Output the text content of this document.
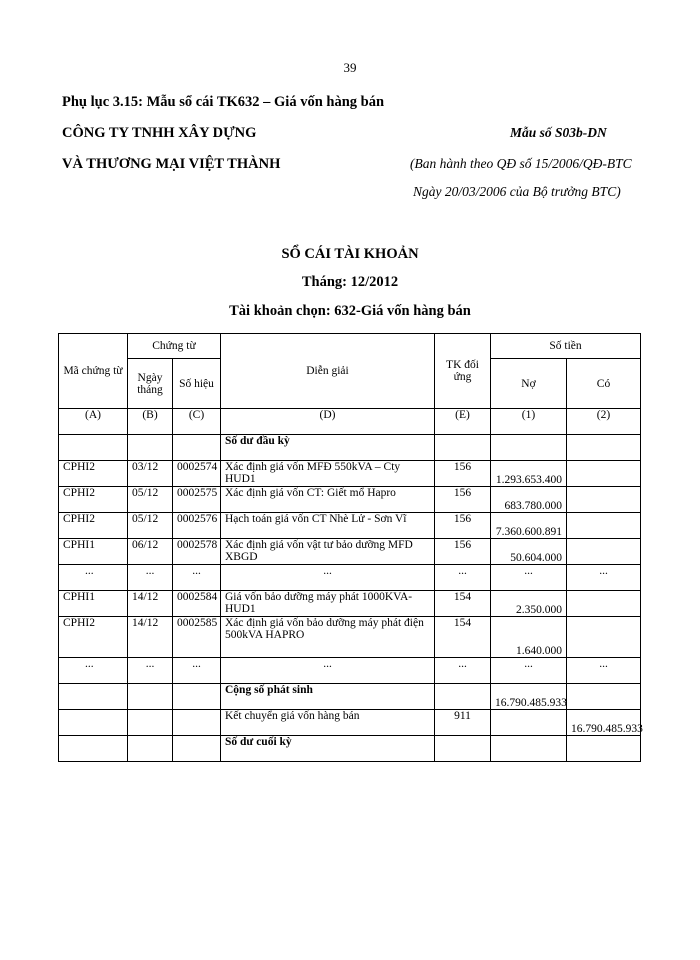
39
Phụ lục 3.15: Mẫu sổ cái TK632 – Giá vốn hàng bán
CÔNG TY TNHH XÂY DỰNG
VÀ THƯƠNG MẠI VIỆT THÀNH
Mẫu số S03b-DN
(Ban hành theo QĐ số 15/2006/QĐ-BTC
Ngày 20/03/2006 của Bộ trưởng BTC)
SỔ CÁI TÀI KHOẢN
Tháng: 12/2012
Tài khoản chọn: 632-Giá vốn hàng bán
Mã chứng từ	Chứng từ		Diễn giải	TK đối ứng	Số tiền	
	Ngày tháng	Số hiệu			Nợ	Có
(A)	(B)	(C)	(D)	(E)	(1)	(2)
			Số dư đầu kỳ			
CPHI2	03/12	0002574	Xác định giá vốn MFĐ 550kVA – Cty HUD1	156	1.293.653.400	
CPHI2	05/12	0002575	Xác định giá vốn CT: Giết mổ Hapro	156	683.780.000	
CPHI2	05/12	0002576	Hạch toán giá vốn CT Nhè Lử - Sơn Vĩ	156	7.360.600.891	
CPHI1	06/12	0002578	Xác định giá vốn vật tư bảo dưỡng MFD XBGD	156	50.604.000	
...	...	...	...	...	...	...
CPHI1	14/12	0002584	Giá vốn bảo dưỡng máy phát 1000KVA-HUD1	154	2.350.000	
CPHI2	14/12	0002585	Xác định giá vốn bảo dưỡng máy phát điện 500kVA HAPRO	154	1.640.000	
...	...	...	...	...	...	...
			Cộng số phát sinh		16.790.485.933	
			Kết chuyển giá vốn hàng bán	911		16.790.485.933
			Số dư cuối kỳ			
